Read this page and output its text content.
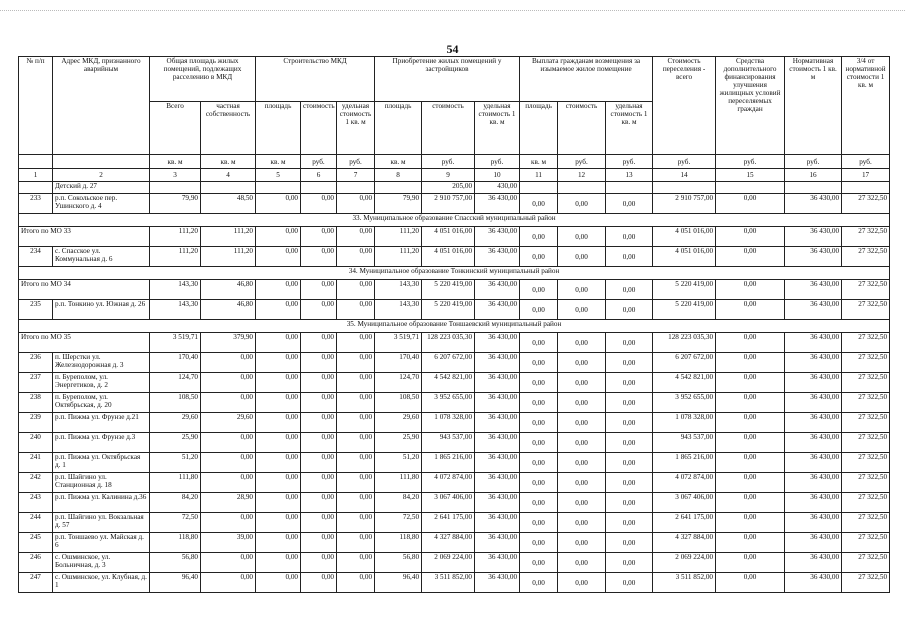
54
№ п/п	Адрес МКД, признанного аварийным	Общая площадь жилых помещений, подлежащих расселению в МКД		Строительство МКД			Приобретение жилых помещений у застройщиков			Выплата гражданам возмещения за изымаемое жилое помещение			Стоимость переселения - всего	Средства дополнительного финансирования улучшения жилищных условий переселяемых граждан	Нормативная стоимость 1 кв. м	3/4 от нормативной стоимости 1 кв. м
		Всего	частная собственность	площадь	стоимость	удельная стоимость 1 кв. м	площадь	стоимость	удельная стоимость 1 кв. м	площадь	стоимость	удельная стоимость 1 кв. м				
		кв. м	кв. м	кв. м	руб.	руб.	кв. м	руб.	руб.	кв. м	руб.	руб.	руб.	руб.	руб.	руб.
1	2	3	4	5	6	7	8	9	10	11	12	13	14	15	16	17
	Детский д. 27							205,00	430,00							
233	р.п. Сокольское пер. Ушинского д. 4	79,90	48,50	0,00	0,00	0,00	79,90	2 910 757,00	36 430,00	0,00	0,00	0,00	2 910 757,00	0,00	36 430,00	27 322,50
33. Муниципальное образование Спасский муниципальный район																
Итого по МО 33		111,20	111,20	0,00	0,00	0,00	111,20	4 051 016,00	36 430,00	0,00	0,00	0,00	4 051 016,00	0,00	36 430,00	27 322,50
234	с. Спасское ул. Коммунальная д. 6	111,20	111,20	0,00	0,00	0,00	111,20	4 051 016,00	36 430,00	0,00	0,00	0,00	4 051 016,00	0,00	36 430,00	27 322,50
34. Муниципальное образование Тонкинский муниципальный район																
Итого по МО 34		143,30	46,80	0,00	0,00	0,00	143,30	5 220 419,00	36 430,00	0,00	0,00	0,00	5 220 419,00	0,00	36 430,00	27 322,50
235	р.п. Тонкино ул. Южная д. 26	143,30	46,80	0,00	0,00	0,00	143,30	5 220 419,00	36 430,00	0,00	0,00	0,00	5 220 419,00	0,00	36 430,00	27 322,50
35. Муниципальное образование Тоншаевский муниципальный район																
Итого по МО 35		3 519,71	379,90	0,00	0,00	0,00	3 519,71	128 223 035,30	36 430,00	0,00	0,00	0,00	128 223 035,30	0,00	36 430,00	27 322,50
236	п. Шерстки ул. Железнодорожная д. 3	170,40	0,00	0,00	0,00	0,00	170,40	6 207 672,00	36 430,00	0,00	0,00	0,00	6 207 672,00	0,00	36 430,00	27 322,50
237	п. Буреполом, ул. Энергетиков, д. 2	124,70	0,00	0,00	0,00	0,00	124,70	4 542 821,00	36 430,00	0,00	0,00	0,00	4 542 821,00	0,00	36 430,00	27 322,50
238	п. Буреполом, ул. Октябрьская, д. 20	108,50	0,00	0,00	0,00	0,00	108,50	3 952 655,00	36 430,00	0,00	0,00	0,00	3 952 655,00	0,00	36 430,00	27 322,50
239	р.п. Пижма ул. Фрунзе д.21	29,60	29,60	0,00	0,00	0,00	29,60	1 078 328,00	36 430,00	0,00	0,00	0,00	1 078 328,00	0,00	36 430,00	27 322,50
240	р.п. Пижма ул. Фрунзе д.3	25,90	0,00	0,00	0,00	0,00	25,90	943 537,00	36 430,00	0,00	0,00	0,00	943 537,00	0,00	36 430,00	27 322,50
241	р.п. Пижма ул. Октябрьская д. 1	51,20	0,00	0,00	0,00	0,00	51,20	1 865 216,00	36 430,00	0,00	0,00	0,00	1 865 216,00	0,00	36 430,00	27 322,50
242	р.п. Шайгино ул. Станционная д. 18	111,80	0,00	0,00	0,00	0,00	111,80	4 072 874,00	36 430,00	0,00	0,00	0,00	4 072 874,00	0,00	36 430,00	27 322,50
243	р.п. Пижма ул. Калинина д.36	84,20	28,90	0,00	0,00	0,00	84,20	3 067 406,00	36 430,00	0,00	0,00	0,00	3 067 406,00	0,00	36 430,00	27 322,50
244	р.п. Шайгино ул. Вокзальная д. 57	72,50	0,00	0,00	0,00	0,00	72,50	2 641 175,00	36 430,00	0,00	0,00	0,00	2 641 175,00	0,00	36 430,00	27 322,50
245	р.п. Тоншаево ул. Майская д. 6	118,80	39,00	0,00	0,00	0,00	118,80	4 327 884,00	36 430,00	0,00	0,00	0,00	4 327 884,00	0,00	36 430,00	27 322,50
246	с. Ошминское, ул. Больничная, д. 3	56,80	0,00	0,00	0,00	0,00	56,80	2 069 224,00	36 430,00	0,00	0,00	0,00	2 069 224,00	0,00	36 430,00	27 322,50
247	с. Ошминское, ул. Клубная, д. 1	96,40	0,00	0,00	0,00	0,00	96,40	3 511 852,00	36 430,00	0,00	0,00	0,00	3 511 852,00	0,00	36 430,00	27 322,50
